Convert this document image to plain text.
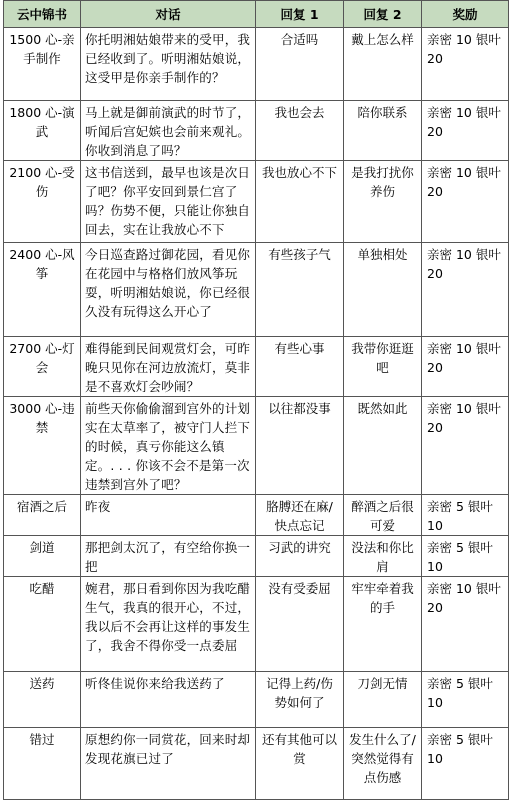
云中锦书	对话	回复 1	回复 2	奖励
1500 心-亲手制作	你托明湘姑娘带来的受甲，我已经收到了。听明湘姑娘说，这受甲是你亲手制作的？	合适吗	戴上怎么样	亲密 10 银叶 20
1800 心-演武	马上就是御前演武的时节了，听闻后宫妃嫔也会前来观礼。你收到消息了吗？	我也会去	陪你联系	亲密 10 银叶 20
2100 心-受伤	这书信送到，最早也该是次日了吧？你平安回到景仁宫了吗？伤势不便，只能让你独自回去，实在让我放心不下	我也放心不下	是我打扰你养伤	亲密 10 银叶 20
2400 心-风筝	今日巡查路过御花园，看见你在花园中与格格们放风筝玩耍，听明湘姑娘说，你已经很久没有玩得这么开心了	有些孩子气	单独相处	亲密 10 银叶 20
2700 心-灯会	难得能到民间观赏灯会，可昨晚只见你在河边放流灯，莫非是不喜欢灯会吵闹？	有些心事	我带你逛逛吧	亲密 10 银叶 20
3000 心-违禁	前些天你偷偷溜到宫外的计划实在太草率了，被守门人拦下的时候，真亏你能这么镇定。. . . 你该不会不是第一次违禁到宫外了吧？	以往都没事	既然如此	亲密 10 银叶 20
宿酒之后	昨夜	胳膊还在麻/快点忘记	醉酒之后很可爱	亲密 5 银叶 10
剑道	那把剑太沉了，有空给你换一把	习武的讲究	没法和你比肩	亲密 5 银叶 10
吃醋	婉君，那日看到你因为我吃醋生气，我真的很开心，不过，我以后不会再让这样的事发生了，我舍不得你受一点委屈	没有受委屈	牢牢牵着我的手	亲密 10 银叶 20
送药	听佟佳说你来给我送药了	记得上药/伤势如何了	刀剑无情	亲密 5 银叶 10
错过	原想约你一同赏花，回来时却发现花旗已过了	还有其他可以赏	发生什么了/突然觉得有点伤感	亲密 5 银叶 10
